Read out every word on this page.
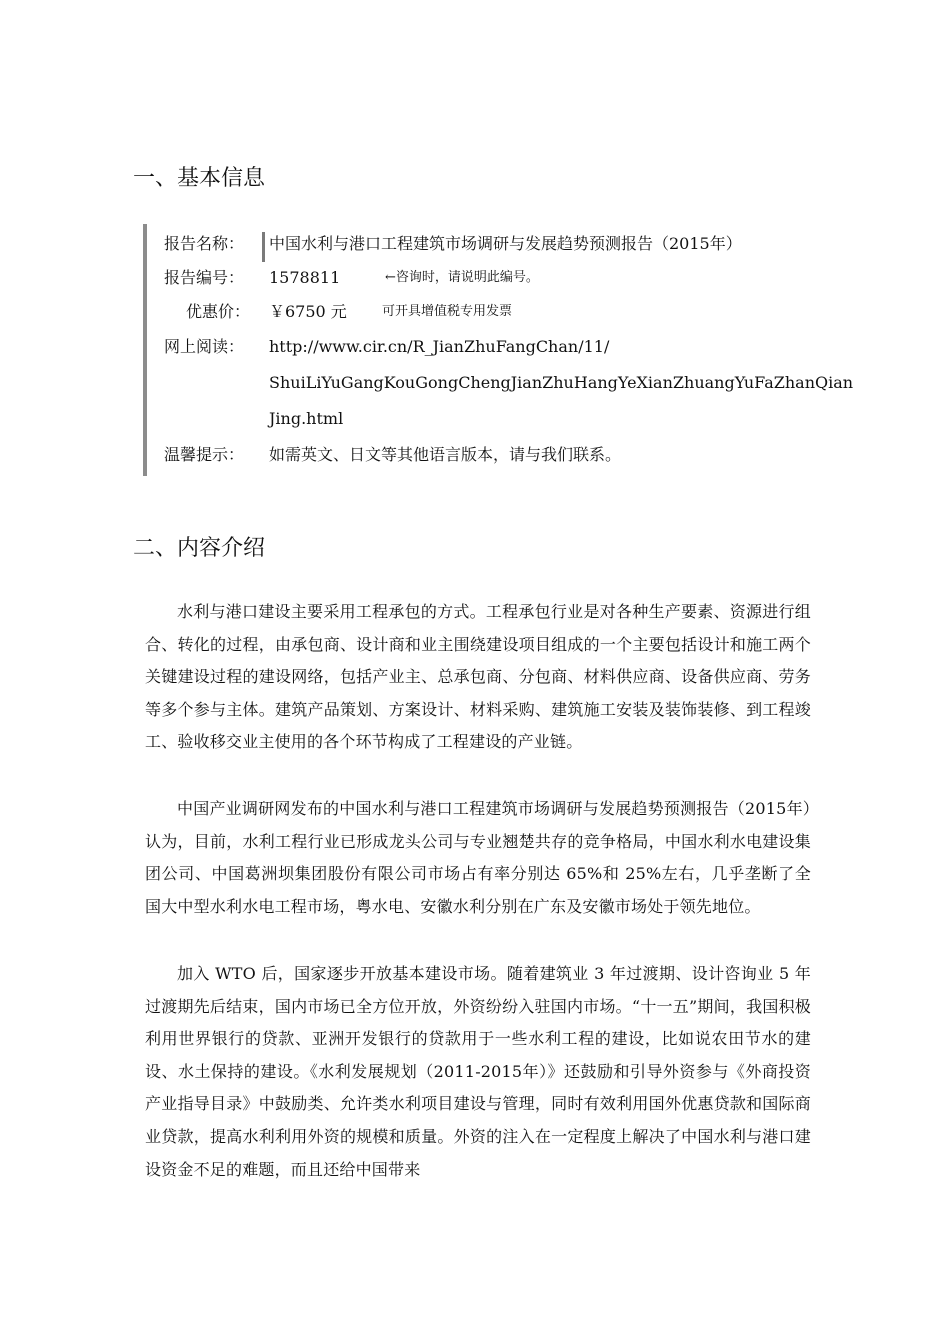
一、基本信息
报告名称：	中国水利与港口工程建筑市场调研与发展趋势预测报告（2015年）
报告编号：	1578811	←咨询时，请说明此编号。
优惠价： ￥6750 元	可开具增值税专用发票
网上阅读：	http://www.cir.cn/R_JianZhuFangChan/11/
ShuiLiYuGangKouGongChengJianZhuHangYeXianZhuangYuFaZhanQian
Jing.html
温馨提示：	如需英文、日文等其他语言版本，请与我们联系。
二、内容介绍

水利与港口建设主要采用工程承包的方式。工程承包行业是对各种生产要素、资源进行组合、转化的过程，由承包商、设计商和业主围绕建设项目组成的一个主要包括设计和施工两个关键建设过程的建设网络，包括产业主、总承包商、分包商、材料供应商、设备供应商、劳务等多个参与主体。建筑产品策划、方案设计、材料采购、建筑施工安装及装饰装修、到工程竣工、验收移交业主使用的各个环节构成了工程建设的产业链。

中国产业调研网发布的中国水利与港口工程建筑市场调研与发展趋势预测报告（2015年）认为，目前，水利工程行业已形成龙头公司与专业翘楚共存的竞争格局，中国水利水电建设集团公司、中国葛洲坝集团股份有限公司市场占有率分别达 65%和 25%左右，几乎垄断了全国大中型水利水电工程市场，粤水电、安徽水利分别在广东及安徽市场处于领先地位。

加入 WTO 后，国家逐步开放基本建设市场。随着建筑业 3 年过渡期、设计咨询业 5 年过渡期先后结束，国内市场已全方位开放，外资纷纷入驻国内市场。“十一五”期间，我国积极利用世界银行的贷款、亚洲开发银行的贷款用于一些水利工程的建设，比如说农田节水的建设、水土保持的建设。《水利发展规划（2011-2015年）》还鼓励和引导外资参与《外商投资产业指导目录》中鼓励类、允许类水利项目建设与管理，同时有效利用国外优惠贷款和国际商业贷款，提高水利利用外资的规模和质量。外资的注入在一定程度上解决了中国水利与港口建设资金不足的难题，而且还给中国带来
